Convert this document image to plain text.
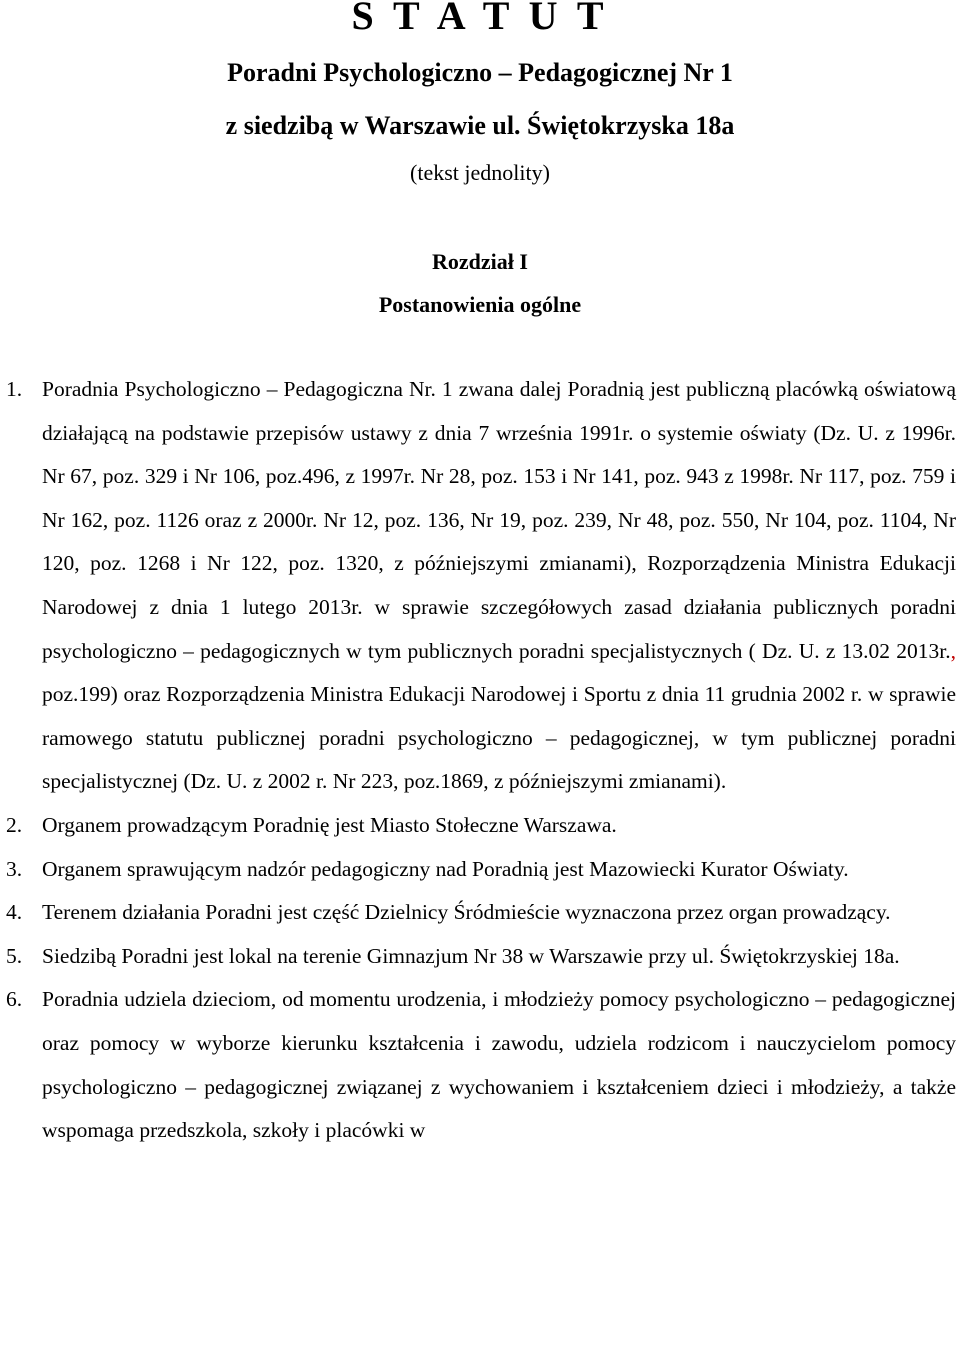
S T A T U T
Poradni Psychologiczno – Pedagogicznej Nr 1
z siedzibą w Warszawie ul. Świętokrzyska 18a
(tekst jednolity)
Rozdział I
Postanowienia ogólne
1. Poradnia Psychologiczno – Pedagogiczna Nr. 1 zwana dalej Poradnią jest publiczną placówką oświatową działającą na podstawie przepisów ustawy z dnia 7 września 1991r. o systemie oświaty (Dz. U. z 1996r. Nr 67, poz. 329 i Nr 106, poz.496, z 1997r. Nr 28, poz. 153 i Nr 141, poz. 943 z 1998r. Nr 117, poz. 759 i Nr 162, poz. 1126 oraz z 2000r. Nr 12, poz. 136, Nr 19, poz. 239, Nr 48, poz. 550, Nr 104, poz. 1104, Nr 120, poz. 1268 i Nr 122, poz. 1320, z późniejszymi zmianami), Rozporządzenia Ministra Edukacji Narodowej z dnia 1 lutego 2013r. w sprawie szczegółowych zasad działania publicznych poradni psychologiczno – pedagogicznych w tym publicznych poradni specjalistycznych ( Dz. U. z 13.02 2013r., poz.199) oraz Rozporządzenia Ministra Edukacji Narodowej i Sportu z dnia 11 grudnia 2002 r. w sprawie ramowego statutu publicznej poradni psychologiczno – pedagogicznej, w tym publicznej poradni specjalistycznej (Dz. U. z 2002 r. Nr 223, poz.1869, z późniejszymi zmianami).
2. Organem prowadzącym Poradnię jest Miasto Stołeczne Warszawa.
3. Organem sprawującym nadzór pedagogiczny nad Poradnią jest Mazowiecki Kurator Oświaty.
4. Terenem działania Poradni jest część Dzielnicy Śródmieście wyznaczona przez organ prowadzący.
5. Siedzibą Poradni jest lokal na terenie Gimnazjum Nr 38 w Warszawie przy ul. Świętokrzyskiej 18a.
6. Poradnia udziela dzieciom, od momentu urodzenia, i młodzieży pomocy psychologiczno – pedagogicznej oraz pomocy w wyborze kierunku kształcenia i zawodu, udziela rodzicom i nauczycielom pomocy psychologiczno – pedagogicznej związanej z wychowaniem i kształceniem dzieci i młodzieży, a także wspomaga przedszkola, szkoły i placówki w
